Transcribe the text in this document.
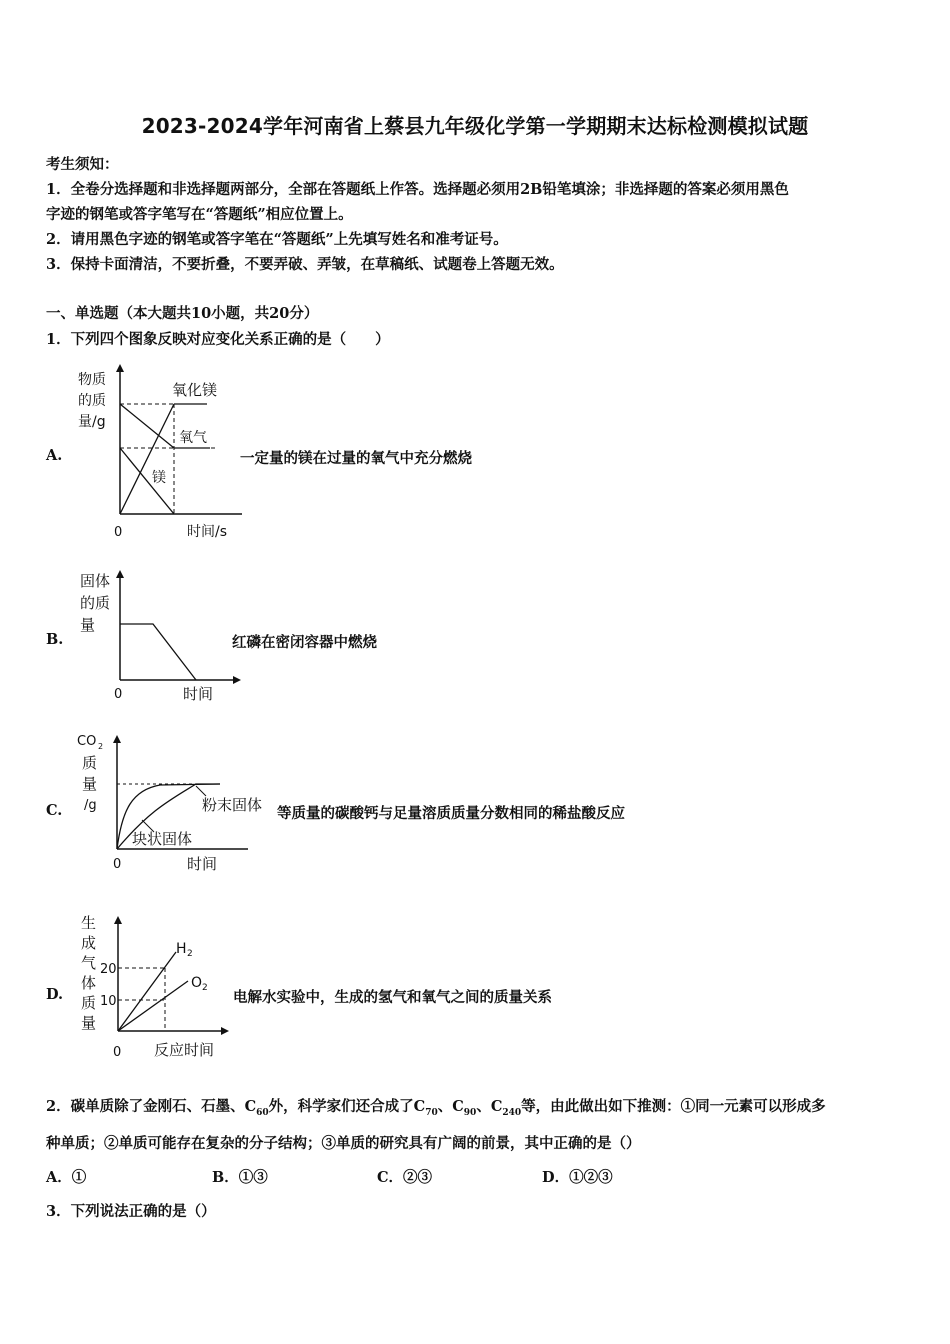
2023-2024学年河南省上蔡县九年级化学第一学期期末达标检测模拟试题
考生须知：
1．全卷分选择题和非选择题两部分，全部在答题纸上作答。选择题必须用2B铅笔填涂；非选择题的答案必须用黑色
字迹的钢笔或答字笔写在“答题纸”相应位置上。
2．请用黑色字迹的钢笔或答字笔在“答题纸”上先填写姓名和准考证号。
3．保持卡面清洁，不要折叠，不要弄破、弄皱，在草稿纸、试题卷上答题无效。
一、单选题（本大题共10小题，共20分）
1．下列四个图象反映对应变化关系正确的是（　　）
A.
物质
的质
量/g
氧化镁
氧气
镁
0	时间/s
一定量的镁在过量的氧气中充分燃烧
B.
固体
的质
量
0	时间
红磷在密闭容器中燃烧
C.
CO 2
质
量
/g	粉末固体
块状固体
0	时间
等质量的碳酸钙与足量溶质质量分数相同的稀盐酸反应
D.
生
成
气
体
质
量
20
10
H 2
O 2
0 反应时间
电解水实验中，生成的氢气和氧气之间的质量关系
2．碳单质除了金刚石、石墨、$C_{60}$外，科学家们还合成了$C_{70}$、$C_{90}$、$C_{240}$等，由此做出如下推测：①同一元素可以形成多
种单质；②单质可能存在复杂的分子结构；③单质的研究具有广阔的前景，其中正确的是（）
A．①	B．①③	C．②③	D．①②③
3．下列说法正确的是（）
